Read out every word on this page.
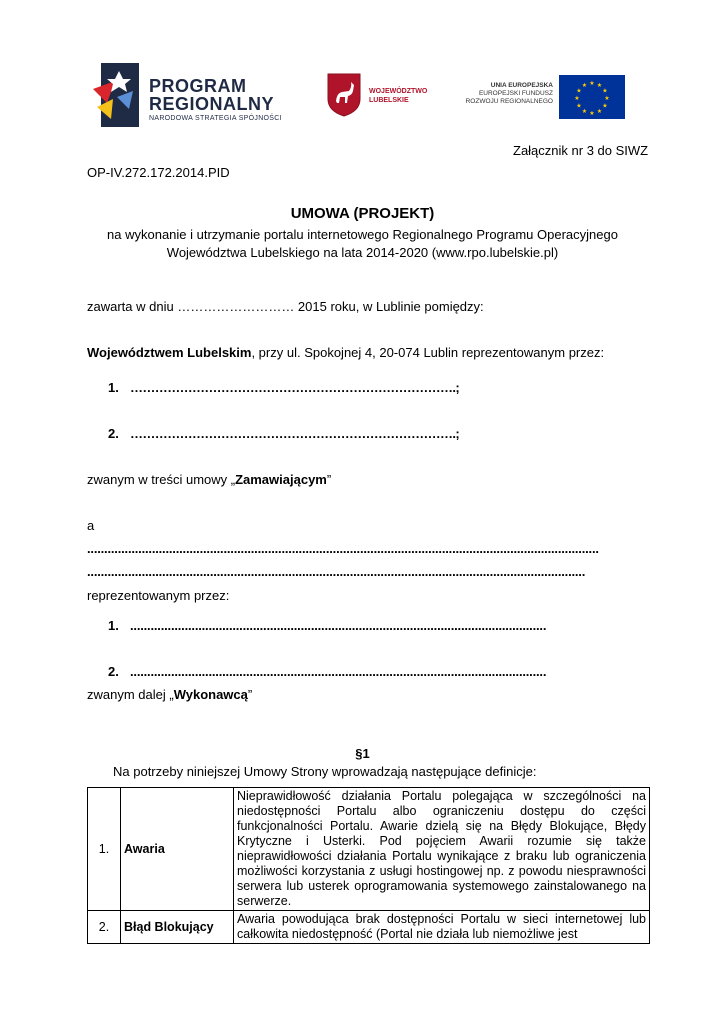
PROGRAM
REGIONALNY
NARODOWA STRATEGIA SPÓJNOŚCI
WOJEWÓDZTWO
LUBELSKIE
UNIA EUROPEJSKA
EUROPEJSKI FUNDUSZ
ROZWOJU REGIONALNEGO
★ ★
★
★
★
★
★
★
★
★
★
★
Załącznik nr 3 do SIWZ
OP-IV.272.172.2014.PID
UMOWA (PROJEKT)
na wykonanie i utrzymanie portalu internetowego Regionalnego Programu Operacyjnego
Województwa Lubelskiego na lata 2014-2020 (www.rpo.lubelskie.pl)
zawarta w dniu ……………………… 2015 roku, w Lublinie pomiędzy:
Województwem Lubelskim, przy ul. Spokojnej 4, 20-074 Lublin reprezentowanym przez:
1. …………………………………………………………………….;
2. …………………………………………………………………….;
zwanym w treści umowy „Zamawiającym”
a
......................................................................................................................................................
..................................................................................................................................................
reprezentowanym przez:
1. ..........................................................................................................................
2. ..........................................................................................................................
zwanym dalej „Wykonawcą”
§1
Na potrzeby niniejszej Umowy Strony wprowadzają następujące definicje:
1.	Awaria	Nieprawidłowość działania Portalu polegająca w szczególności na niedostępności Portalu albo ograniczeniu dostępu do części funkcjonalności Portalu. Awarie dzielą się na Błędy Blokujące, Błędy Krytyczne i Usterki. Pod pojęciem Awarii rozumie się także nieprawidłowości działania Portalu wynikające z braku lub ograniczenia możliwości korzystania z usługi hostingowej np. z powodu niesprawności serwera lub usterek oprogramowania systemowego zainstalowanego na serwerze.
2.	Błąd Blokujący	Awaria powodująca brak dostępności Portalu w sieci internetowej lub całkowita niedostępność (Portal nie działa lub niemożliwe jest
